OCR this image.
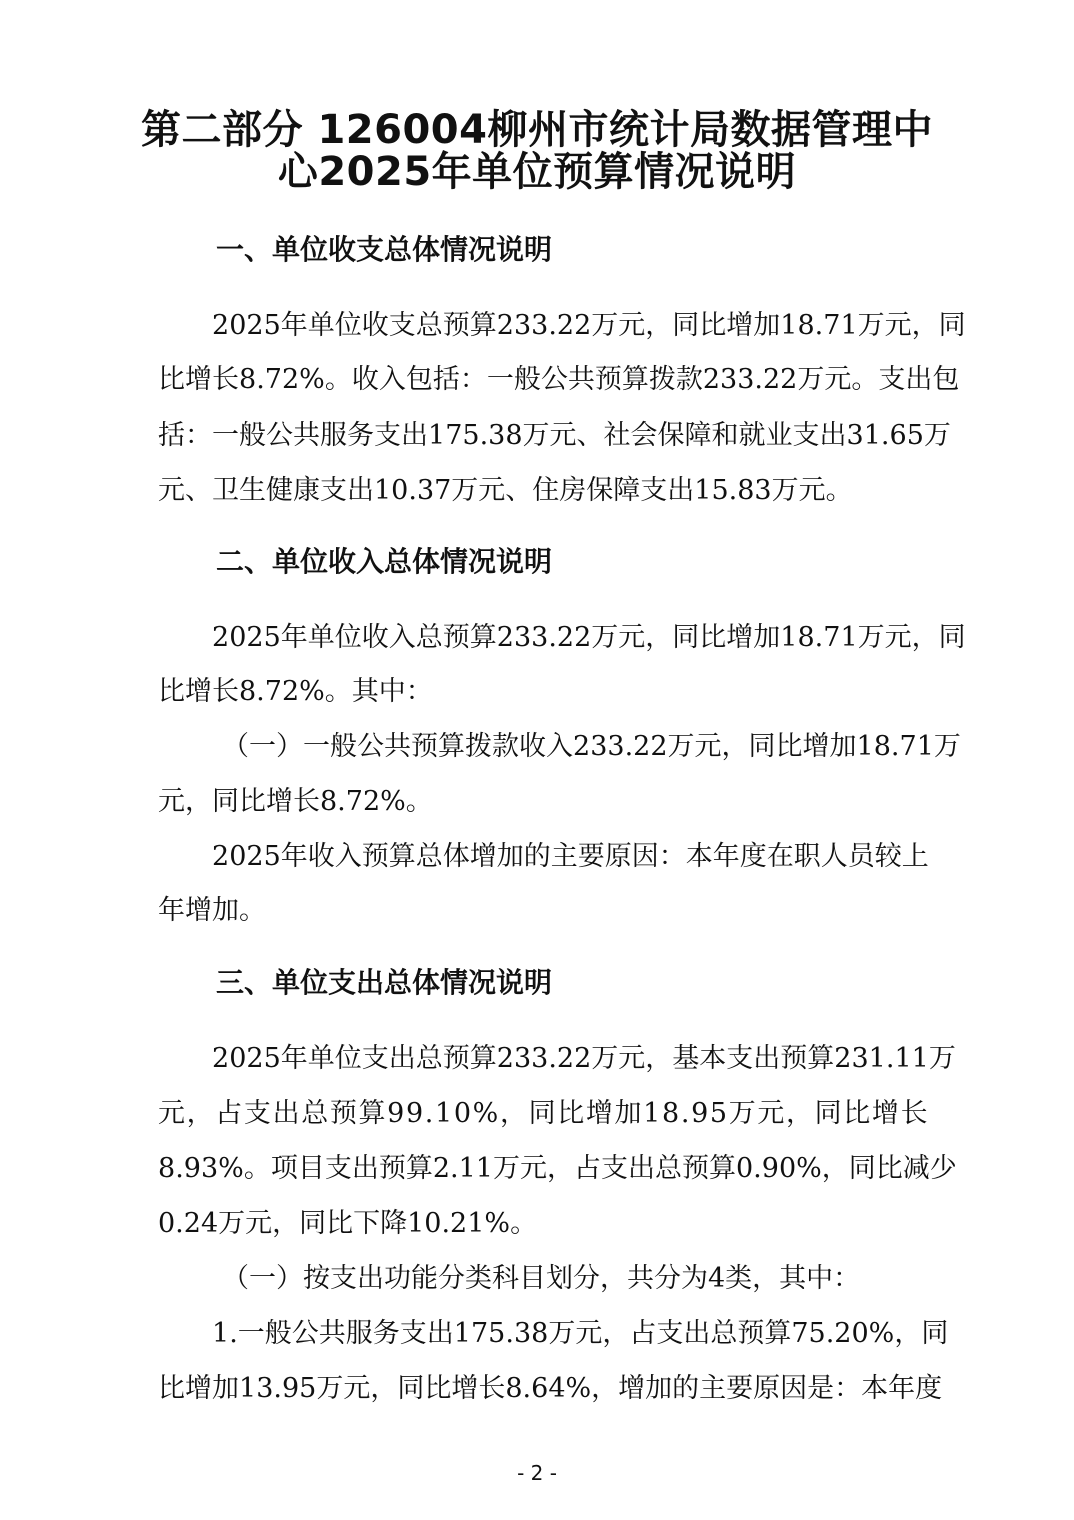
第二部分 126004柳州市统计局数据管理中
心2025年单位预算情况说明
一、单位收支总体情况说明
2 0 2 5 年 单 位 收 支 总 预 算 2 3 3 . 2 2 万 元 ， 同 比 增 加 1 8 . 7 1 万 元 ， 同
比 增 长 8 . 7 2 % 。 收 入 包 括 ： 一 般 公 共 预 算 拨 款 2 3 3 . 2 2 万 元 。 支 出 包
括 ： 一 般 公 共 服 务 支 出 1 7 5 . 3 8 万 元 、 社 会 保 障 和 就 业 支 出 3 1 . 6 5 万
元、卫生健康支出10.37万元、住房保障支出15.83万元。
二、单位收入总体情况说明
2 0 2 5 年 单 位 收 入 总 预 算 2 3 3 . 2 2 万 元 ， 同 比 增 加 1 8 . 7 1 万 元 ， 同
比增长8.72%。其中：
（ 一 ） 一 般 公 共 预 算 拨 款 收 入 2 3 3 . 2 2 万 元 ， 同 比 增 加 1 8 . 7 1 万
元，同比增长8.72%。
2 0 2 5 年 收 入 预 算 总 体 增 加 的 主 要 原 因 ： 本 年 度 在 职 人 员 较 上
年增加。
三、单位支出总体情况说明
2 0 2 5 年 单 位 支 出 总 预 算 2 3 3 . 2 2 万 元 ， 基 本 支 出 预 算 2 3 1 . 1 1 万
元 ， 占 支 出 总 预 算 9 9 . 1 0 % ， 同 比 增 加 1 8 . 9 5 万 元 ， 同 比 增 长
8 . 9 3 % 。 项 目 支 出 预 算 2 . 1 1 万 元 ， 占 支 出 总 预 算 0 . 9 0 % ， 同 比 减 少
0.24万元，同比下降10.21%。
（一）按支出功能分类科目划分，共分为4类，其中：
1 . 一 般 公 共 服 务 支 出 1 7 5 . 3 8 万 元 ， 占 支 出 总 预 算 7 5 . 2 0 % ， 同
比 增 加 1 3 . 9 5 万 元 ， 同 比 增 长 8 . 6 4 % ， 增 加 的 主 要 原 因 是 ： 本 年 度
- 2 -
